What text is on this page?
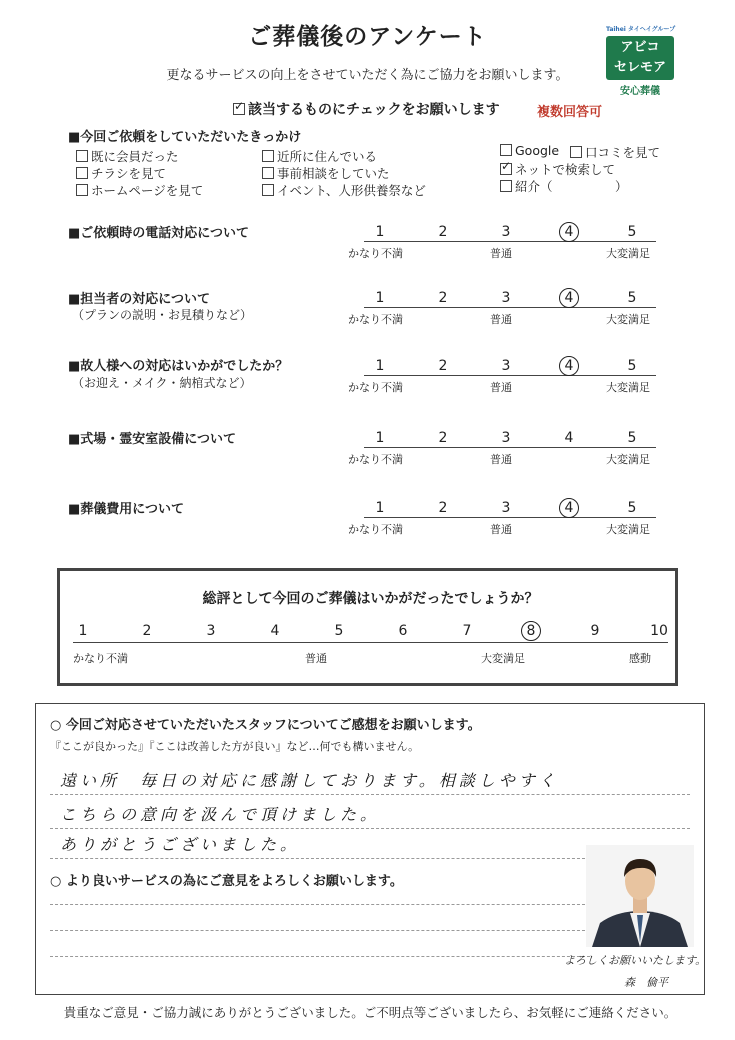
ご葬儀後のアンケート
更なるサービスの向上をさせていただく為にご協力をお願いします。
✓該当するものにチェックをお願いします	複数回答可
Taihei タイヘイグループ
アビコ
セレモア
安心葬儀
■今回ご依頼をしていただいたきっかけ
既に会員だった
チラシを見て
ホームページを見て
近所に住んでいる
事前相談をしていた
イベント、人形供養祭など
Google	口コミを見て
✓ネットで検索して
紹介（　　　　　）
■ご依頼時の電話対応について	1	2	3	4	5
かなり不満	普通	大変満足
■担当者の対応について
（プランの説明・お見積りなど）
1	2	3	4	5
かなり不満	普通	大変満足
■故人様への対応はいかがでしたか？
（お迎え・メイク・納棺式など）
1	2	3	4	5
かなり不満	普通	大変満足
■式場・霊安室設備について	1	2	3	4	5
かなり不満	普通	大変満足
■葬儀費用について	1	2	3	4	5
かなり不満	普通	大変満足
総評として今回のご葬儀はいかがだったでしょうか？
1	2	3	4	5	6	7	8	9	10
かなり不満	普通	大変満足	感動
○ 今回ご対応させていただいたスタッフについてご感想をお願いします。
『ここが良かった』『ここは改善した方が良い』など…何でも構いません。
遠い所　毎日の対応に感謝しております。相談しやすく
こちらの意向を汲んで頂けました。
ありがとうございました。
○ より良いサービスの為にご意見をよろしくお願いします。
よろしくお願いいたします。
森　倫平
貴重なご意見・ご協力誠にありがとうございました。ご不明点等ございましたら、お気軽にご連絡ください。
